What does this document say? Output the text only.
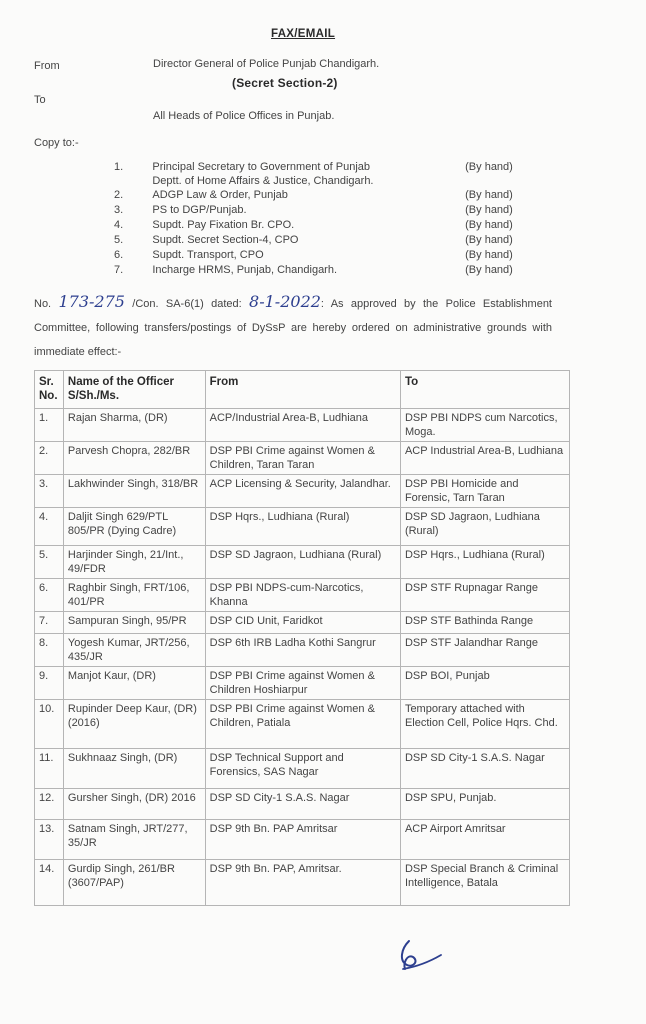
FAX/EMAIL
From	Director General of Police Punjab Chandigarh.
(Secret Section-2)
To
All Heads of Police Offices in Punjab.
Copy to:-
1.	Principal Secretary to Government of Punjab
Deptt. of Home Affairs & Justice, Chandigarh.
(By hand)
2.	ADGP Law & Order, Punjab	(By hand)
3.	PS to DGP/Punjab.	(By hand)
4.	Supdt. Pay Fixation Br. CPO.	(By hand)
5.	Supdt. Secret Section-4, CPO	(By hand)
6.	Supdt. Transport, CPO	(By hand)
7.	Incharge HRMS, Punjab, Chandigarh.	(By hand)
No. 173-275 /Con. SA-6(1) dated: 8-1-2022: As approved by the Police Establishment Committee, following transfers/postings of DySsP are hereby ordered on administrative grounds with immediate effect:-
Sr. No.	Name of the Officer S/Sh./Ms.	From	To
1.	Rajan Sharma, (DR)	ACP/Industrial Area-B, Ludhiana	DSP PBI NDPS cum Narcotics, Moga.
2.	Parvesh Chopra, 282/BR	DSP PBI Crime against Women & Children, Taran Taran	ACP Industrial Area-B, Ludhiana
3.	Lakhwinder Singh, 318/BR	ACP Licensing & Security, Jalandhar.	DSP PBI Homicide and Forensic, Tarn Taran
4.	Daljit Singh 629/PTL 805/PR (Dying Cadre)	DSP Hqrs., Ludhiana (Rural)	DSP SD Jagraon, Ludhiana (Rural)
5.	Harjinder Singh, 21/Int., 49/FDR	DSP SD Jagraon, Ludhiana (Rural)	DSP Hqrs., Ludhiana (Rural)
6.	Raghbir Singh, FRT/106, 401/PR	DSP PBI NDPS-cum-Narcotics, Khanna	DSP STF Rupnagar Range
7.	Sampuran Singh, 95/PR	DSP CID Unit, Faridkot	DSP STF Bathinda Range
8.	Yogesh Kumar, JRT/256, 435/JR	DSP 6th IRB Ladha Kothi Sangrur	DSP STF Jalandhar Range
9.	Manjot Kaur, (DR)	DSP PBI Crime against Women & Children Hoshiarpur	DSP BOI, Punjab
10.	Rupinder Deep Kaur, (DR) (2016)	DSP PBI Crime against Women & Children, Patiala	Temporary attached with Election Cell, Police Hqrs. Chd.
11.	Sukhnaaz Singh, (DR)	DSP Technical Support and Forensics, SAS Nagar	DSP SD City-1 S.A.S. Nagar
12.	Gursher Singh, (DR) 2016	DSP SD City-1 S.A.S. Nagar	DSP SPU, Punjab.
13.	Satnam Singh, JRT/277, 35/JR	DSP 9th Bn. PAP Amritsar	ACP Airport Amritsar
14.	Gurdip Singh, 261/BR (3607/PAP)	DSP 9th Bn. PAP, Amritsar.	DSP Special Branch & Criminal Intelligence, Batala
